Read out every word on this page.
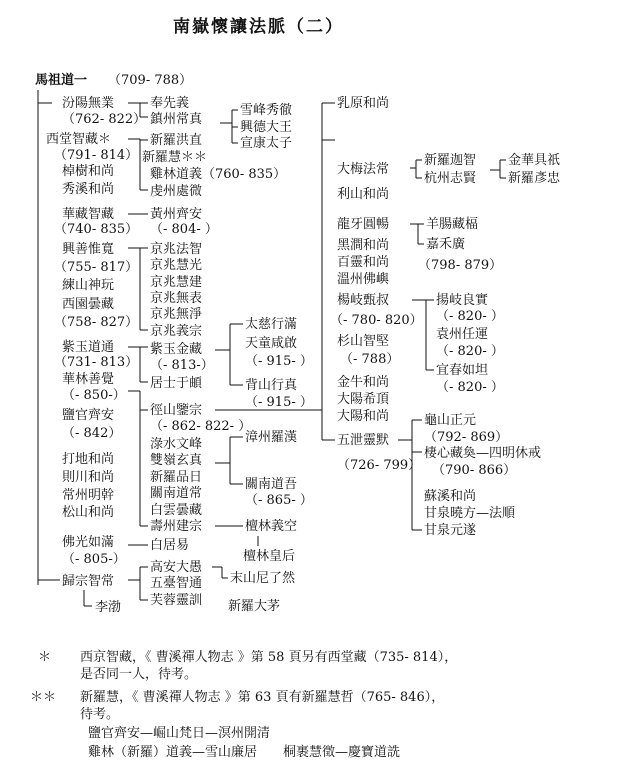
南嶽懷讓法脈（二）
馬祖道一 （709- 788）
汾陽無業
（762- 822）
西堂智藏＊
（791- 814）
棹樹和尚
秀溪和尚
華藏智藏
（740- 835）
興善惟寬
（755- 817）
練山神玩
西園曇藏
（758- 827）
紫玉道通
（731- 813）
華林善覺
（- 850-）
鹽官齊安
（- 842）
打地和尚
則川和尚
常州明幹
松山和尚
佛光如滿
（- 805-）
歸宗智常
李渤
奉先義
鎮州常真
新羅洪直
新羅慧＊＊
雞林道義（760- 835）
虔州處微
黃州齊安
（- 804- ）
京兆法智
京兆慧光
京兆慧建
京兆無表
京兆無淨
京兆義宗
紫玉金藏
（- 813-）
居士于頔
徑山鑒宗
（- 862- 822- ）
淥水文峰
雙嶺玄真
新羅品日
關南道常
白雲曇藏
壽州建宗
白居易
高安大愚
五臺智通
芙蓉靈訓
雪峰秀徹
興德大王
宣康太子
太慈行滿
天童咸啟
（- 915- ）
背山行真
（- 915- ）
漳州羅漢
關南道吾
（- 865- ）
檀林義空
檀林皇后
末山尼了然
新羅大茅
乳原和尚
大梅法常
利山和尚
龍牙圓暢
黑澗和尚
百靈和尚
溫州佛嶼
楊岐甄叔
（- 780- 820）
杉山智堅
（- 788）
金牛和尚
大陽希頂
大陽和尚
五泄靈默
（726- 799）
新羅迦智
杭州志賢
羊腸藏楅
嘉禾廣
（798- 879）
揚岐良實
（- 820- ）
袁州任運
（- 820- ）
宜春如坦
（- 820- ）
龜山正元
（792- 869）
棲心藏奐—四明休戒
（790- 866）
蘇溪和尚
甘泉曉方—法順
甘泉元遂
金華具祇
新羅彥忠
＊ 西京智藏，《 曹溪禪人物志 》第 58 頁另有西堂藏（735- 814），
是否同一人，待考。
＊＊ 新羅慧，《 曹溪禪人物志 》第 63 頁有新羅慧哲（765- 846），
待考。
鹽官齊安—崛山梵日—溟州開清
雞林（新羅）道義—雪山廉居　　桐裹慧徵—慶寶道詵
